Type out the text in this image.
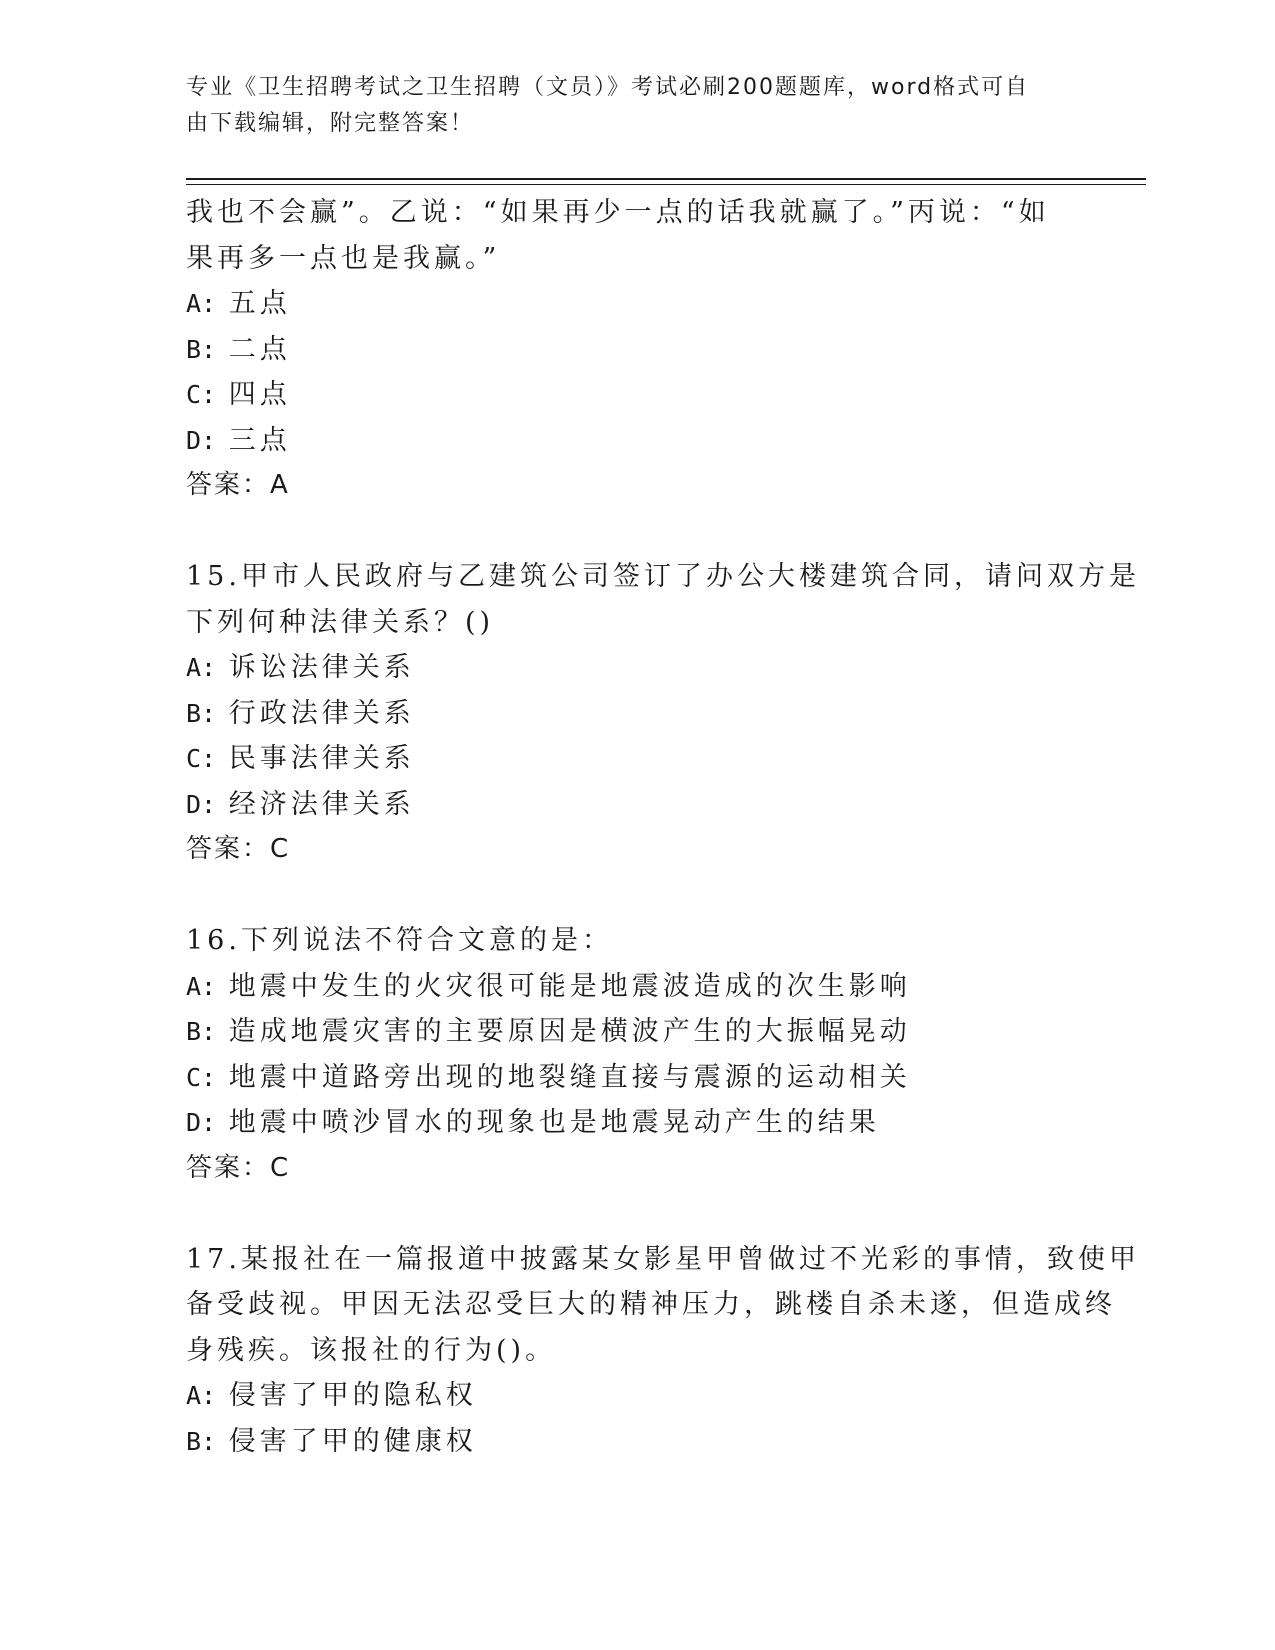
专业《卫生招聘考试之卫生招聘（文员）》考试必刷200题题库，word格式可自
由下载编辑，附完整答案！
我也不会赢”。乙说：“如果再少一点的话我就赢了。”丙说：“如
果再多一点也是我赢。”
A: 五点
B: 二点
C: 四点
D: 三点
答案：A
15.甲市人民政府与乙建筑公司签订了办公大楼建筑合同，请问双方是
下列何种法律关系？()
A: 诉讼法律关系
B: 行政法律关系
C: 民事法律关系
D: 经济法律关系
答案：C
16.下列说法不符合文意的是：
A: 地震中发生的火灾很可能是地震波造成的次生影响
B: 造成地震灾害的主要原因是横波产生的大振幅晃动
C: 地震中道路旁出现的地裂缝直接与震源的运动相关
D: 地震中喷沙冒水的现象也是地震晃动产生的结果
答案：C
17.某报社在一篇报道中披露某女影星甲曾做过不光彩的事情，致使甲
备受歧视。甲因无法忍受巨大的精神压力，跳楼自杀未遂，但造成终
身残疾。该报社的行为()。
A: 侵害了甲的隐私权
B: 侵害了甲的健康权
